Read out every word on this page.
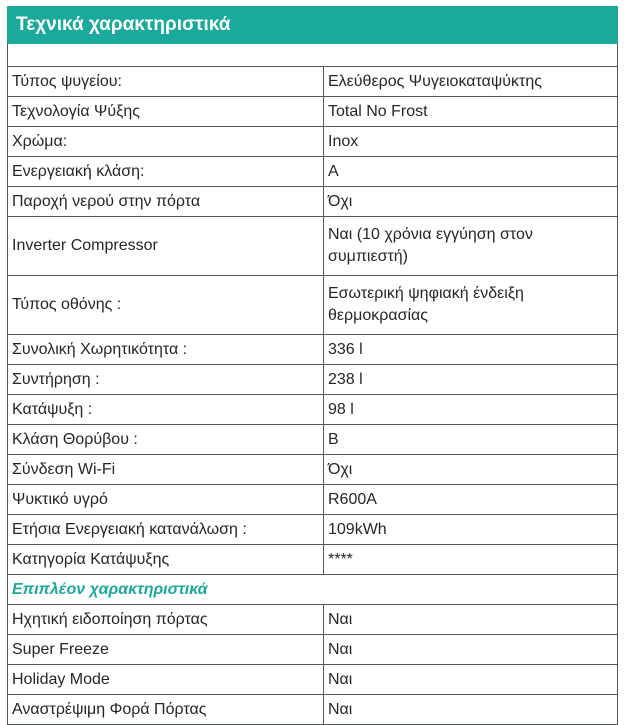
Τεχνικά χαρακτηριστικά	

Τύπος ψυγείου:	Ελεύθερος Ψυγειοκαταψύκτης
Τεχνολογία Ψύξης	Total No Frost
Χρώμα:	Inox
Ενεργειακή κλάση:	A
Παροχή νερού στην πόρτα	Όχι
Inverter Compressor	Ναι (10 χρόνια εγγύηση στον συμπιεστή)
Τύπος οθόνης :	Εσωτερική ψηφιακή ένδειξη θερμοκρασίας
Συνολική Χωρητικότητα :	336 l
Συντήρηση :	238 l
Κατάψυξη :	98 l
Κλάση Θορύβου :	B
Σύνδεση Wi-Fi	Όχι
Ψυκτικό υγρό	R600A
Ετήσια Ενεργειακή κατανάλωση :	109kWh
Κατηγορία Κατάψυξης	****
Επιπλέον χαρακτηριστικά	
Ηχητική ειδοποίηση πόρτας	Ναι
Super Freeze	Ναι
Holiday Mode	Ναι
Αναστρέψιμη Φορά Πόρτας	Ναι
